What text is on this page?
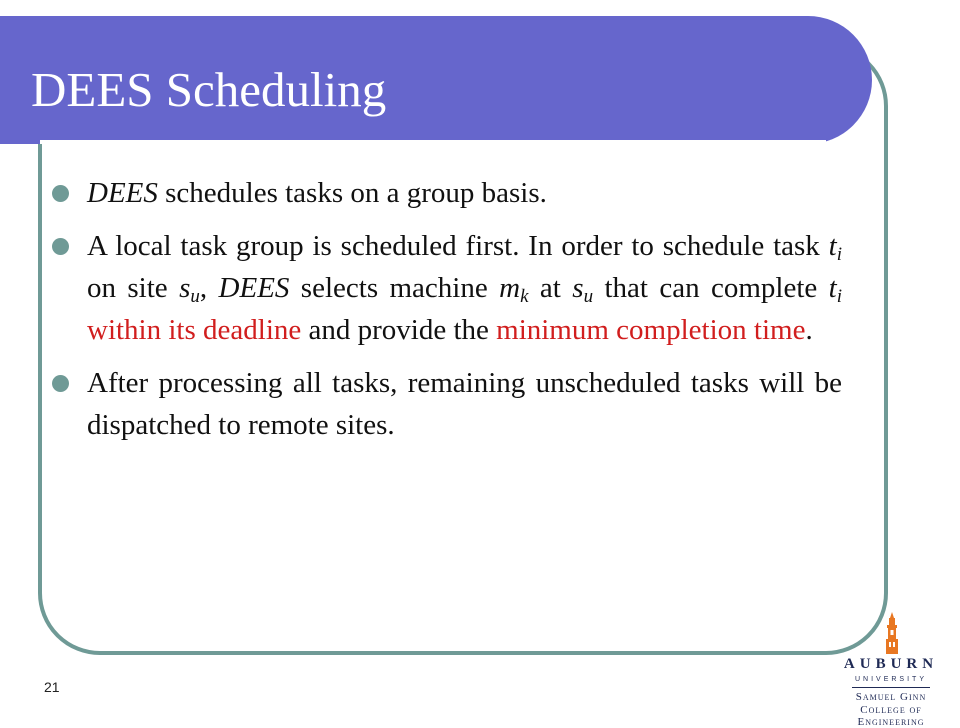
DEES Scheduling
DEES schedules tasks on a group basis.
A local task group is scheduled first. In order to schedule task $t_i$ on site $s_u$, DEES selects machine $m_k$ at $s_u$ that can complete $t_i$ within its deadline and provide the minimum completion time.
After processing all tasks, remaining unscheduled tasks will be dispatched to remote sites.
21
AUBURN
UNIVERSITY
Samuel Ginn
College of Engineering
